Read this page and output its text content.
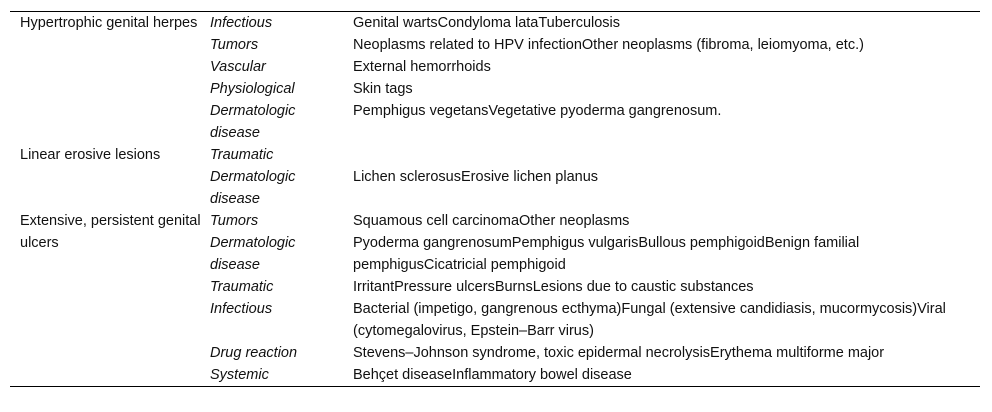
Hypertrophic genital herpes	Infectious	Genital wartsCondyloma lataTuberculosis
	Tumors	Neoplasms related to HPV infectionOther neoplasms (fibroma, leiomyoma, etc.)
	Vascular	External hemorrhoids
	Physiological	Skin tags
	Dermatologic disease	Pemphigus vegetansVegetative pyoderma gangrenosum.
Linear erosive lesions	Traumatic	
	Dermatologic disease	Lichen sclerosusErosive lichen planus
Extensive, persistent genital ulcers	Tumors	Squamous cell carcinomaOther neoplasms
	Dermatologic disease	Pyoderma gangrenosumPemphigus vulgarisBullous pemphigoidBenign familial pemphigusCicatricial pemphigoid
	Traumatic	IrritantPressure ulcersBurnsLesions due to caustic substances
	Infectious	Bacterial (impetigo, gangrenous ecthyma)Fungal (extensive candidiasis, mucormycosis)Viral (cytomegalovirus, Epstein–Barr virus)
	Drug reaction	Stevens–Johnson syndrome, toxic epidermal necrolysisErythema multiforme major
	Systemic	Behçet diseaseInflammatory bowel disease
